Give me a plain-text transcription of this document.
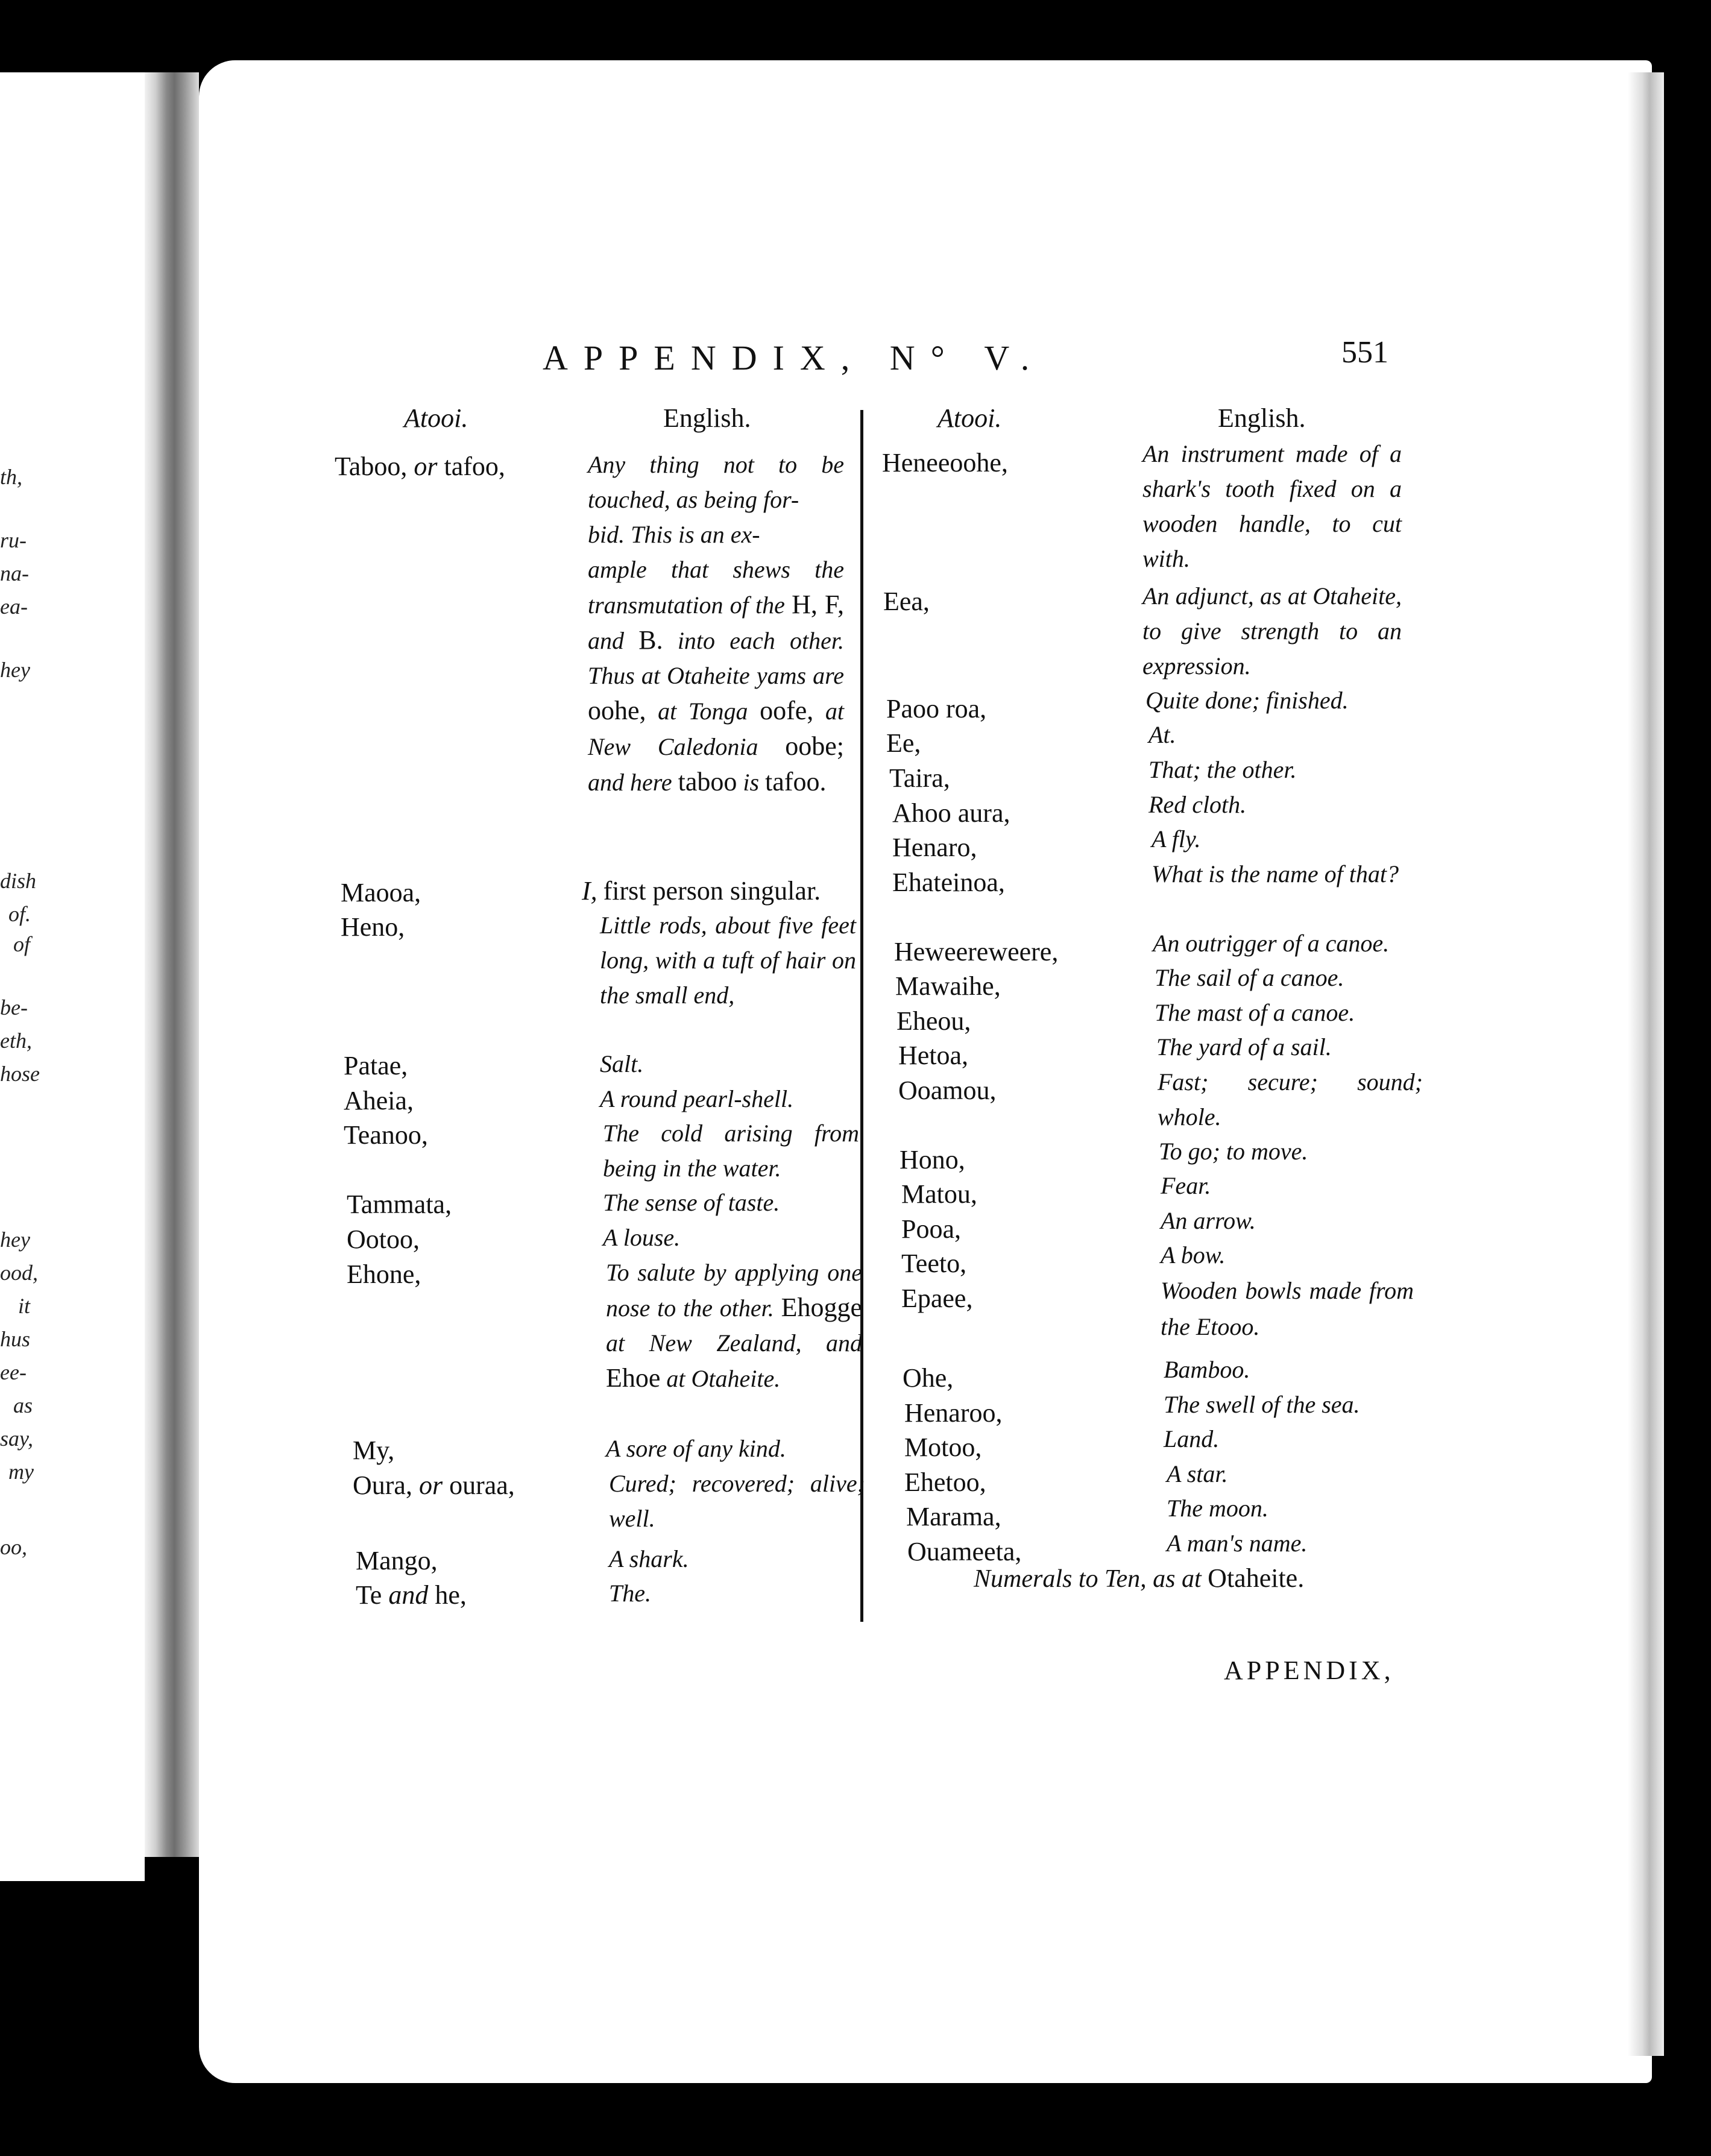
th,
ru-
na-
ea-
hey
dish
of.
of
be-
eth,
hose
hey
ood,
it
hus
ee-
as
say,
my
oo,
APPENDIX, N° V.	551
Atooi.	English.	Atooi.	English.
Taboo, or tafoo,	Any thing not to be touched, as being for-
bid. This is an ex-
ample that shews the transmutation of the H, F, and B. into each other. Thus at Otaheite yams are oohe, at Tonga oofe, at New Caledonia oobe; and here taboo is tafoo.
Maooa,	I, first person singular.
Heno,	Little rods, about five feet long, with a tuft of hair on the small end,
Patae,	Salt.
Aheia,	A round pearl-shell.
Teanoo,	The cold arising from being in the water.
Tammata,	The sense of taste.
Ootoo,	A louse.
Ehone,	To salute by applying one nose to the other. Ehogge at New Zealand, and Ehoe at Otaheite.
My,	A sore of any kind.
Oura, or ouraa,	Cured; recovered; alive; well.
Mango,	A shark.
Te and he,	The.
Heneeoohe,	An instrument made of a shark's tooth fixed on a wooden handle, to cut with.
Eea,	An adjunct, as at Otaheite, to give strength to an expression.
Paoo roa,	Quite done; finished.
Ee,	At.
Taira,	That; the other.
Ahoo aura,	Red cloth.
Henaro,	A fly.
Ehateinoa,	What is the name of that?
Heweereweere,	An outrigger of a canoe.
Mawaihe,	The sail of a canoe.
Eheou,	The mast of a canoe.
Hetoa,	The yard of a sail.
Ooamou,	Fast; secure; sound; whole.
Hono,	To go; to move.
Matou,	Fear.
Pooa,	An arrow.
Teeto,	A bow.
Epaee,	Wooden bowls made from the Etooo.
Ohe,	Bamboo.
Henaroo,	The swell of the sea.
Motoo,	Land.
Ehetoo,	A star.
Marama,	The moon.
Ouameeta,	A man's name.
Numerals to Ten, as at Otaheite.
APPENDIX,
